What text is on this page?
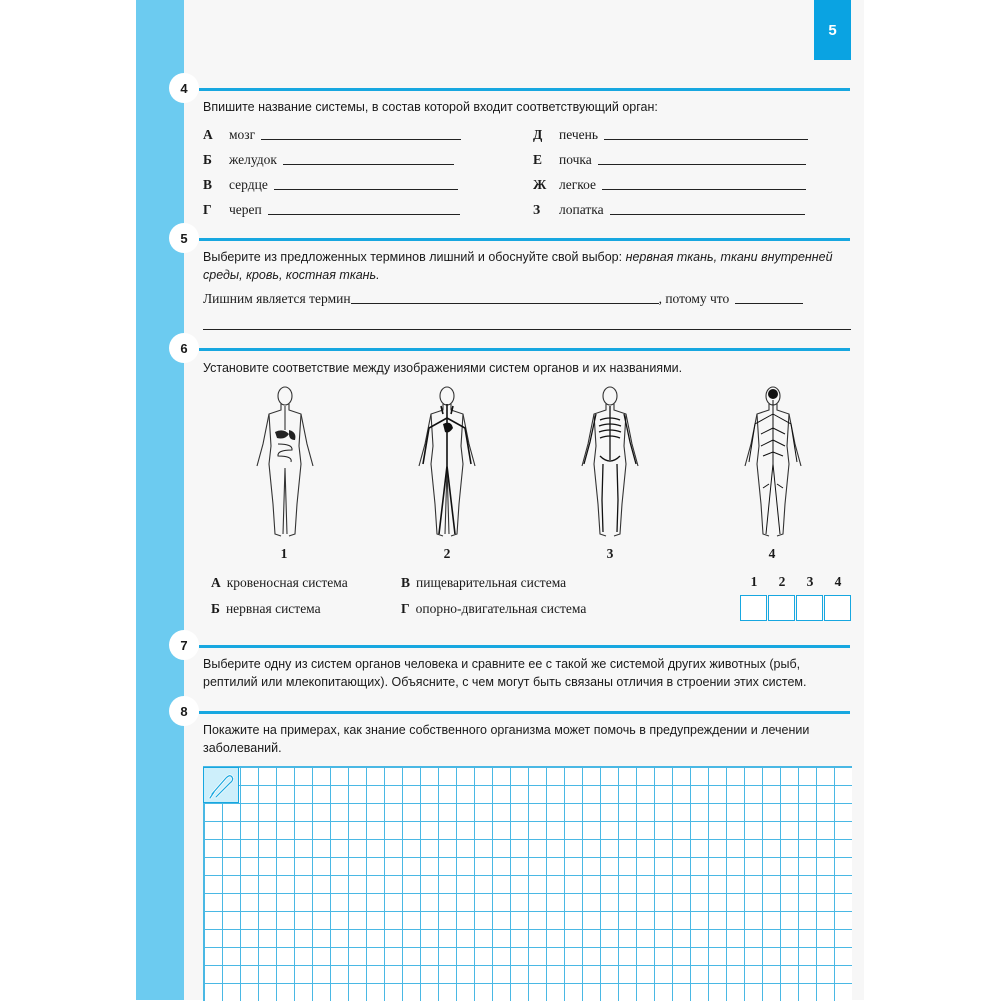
5
4
Впишите название системы, в состав которой входит соответствующий орган:
А	мозг
Б	желудок
В	сердце
Г	череп
Д	печень
Е	почка
Ж легкое
З	лопатка
5
Выберите из предложенных терминов лишний и обоснуйте свой выбор: нервная ткань, ткани внутренней среды, кровь, костная ткань.
Лишним является термин	, потому что
6
Установите соответствие между изображениями систем органов и их названиями.
1	2	3	4
А кровеносная система
Б нервная система
В пищеварительная система
Г опорно-двигательная система
1	2	3	4
7
Выберите одну из систем органов человека и сравните ее с такой же системой других животных (рыб, рептилий или млекопитающих). Объясните, с чем могут быть связаны отличия в строении этих систем.
8
Покажите на примерах, как знание собственного организма может помочь в предупреждении и лечении заболеваний.
